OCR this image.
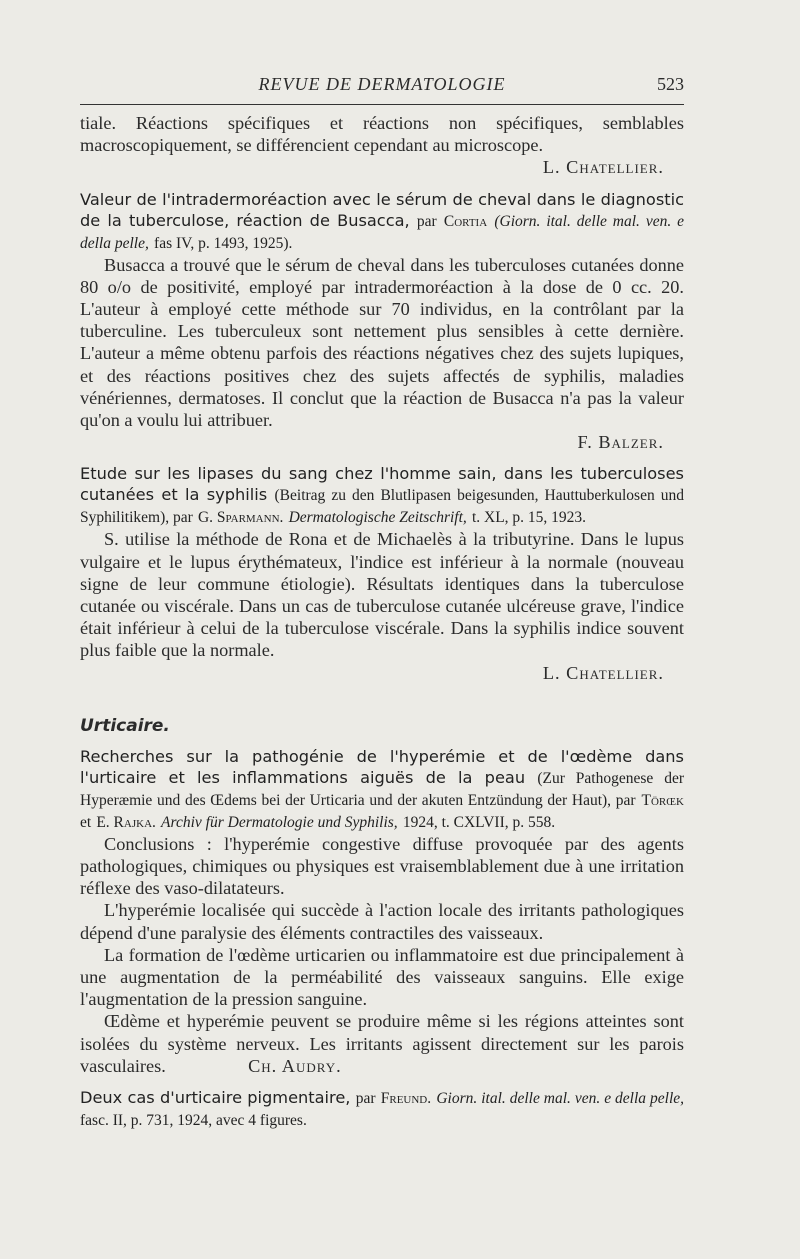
REVUE DE DERMATOLOGIE	523

tiale. Réactions spécifiques et réactions non spécifiques, semblables macroscopiquement, se différencient cependant au microscope.

L. Chatellier.

Valeur de l'intradermoréaction avec le sérum de cheval dans le diagnostic de la tuberculose, réaction de Busacca, par Cortia (Giorn. ital. delle mal. ven. e della pelle, fas IV, p. 1493, 1925).

Busacca a trouvé que le sérum de cheval dans les tuberculoses cutanées donne 80 o/o de positivité, employé par intradermoréaction à la dose de 0 cc. 20. L'auteur à employé cette méthode sur 70 individus, en la contrôlant par la tuberculine. Les tuberculeux sont nettement plus sensibles à cette dernière. L'auteur a même obtenu parfois des réactions négatives chez des sujets lupiques, et des réactions positives chez des sujets affectés de syphilis, maladies vénériennes, dermatoses. Il conclut que la réaction de Busacca n'a pas la valeur qu'on a voulu lui attribuer.

F. Balzer.

Etude sur les lipases du sang chez l'homme sain, dans les tuberculoses cutanées et la syphilis (Beitrag zu den Blutlipasen beigesunden, Hauttuberkulosen und Syphilitikem), par G. Sparmann. Dermatologische Zeitschrift, t. XL, p. 15, 1923.

S. utilise la méthode de Rona et de Michaelès à la tributyrine. Dans le lupus vulgaire et le lupus érythémateux, l'indice est inférieur à la normale (nouveau signe de leur commune étiologie). Résultats identiques dans la tuberculose cutanée ou viscérale. Dans un cas de tuberculose cutanée ulcéreuse grave, l'indice était inférieur à celui de la tuberculose viscérale. Dans la syphilis indice souvent plus faible que la normale.

L. Chatellier.

Urticaire.
Recherches sur la pathogénie de l'hyperémie et de l'œdème dans l'urticaire et les inflammations aiguës de la peau (Zur Pathogenese der Hyperæmie und des Œdems bei der Urticaria und der akuten Entzündung der Haut), par Törœk et E. Rajka. Archiv für Dermatologie und Syphilis, 1924, t. CXLVII, p. 558.

Conclusions : l'hyperémie congestive diffuse provoquée par des agents pathologiques, chimiques ou physiques est vraisemblablement due à une irritation réflexe des vaso-dilatateurs.

L'hyperémie localisée qui succède à l'action locale des irritants pathologiques dépend d'une paralysie des éléments contractiles des vaisseaux.

La formation de l'œdème urticarien ou inflammatoire est due principalement à une augmentation de la perméabilité des vaisseaux sanguins. Elle exige l'augmentation de la pression sanguine.

Œdème et hyperémie peuvent se produire même si les régions atteintes sont isolées du système nerveux. Les irritants agissent directement sur les parois vasculaires.	Ch. Audry.

Deux cas d'urticaire pigmentaire, par Freund. Giorn. ital. delle mal. ven. e della pelle, fasc. II, p. 731, 1924, avec 4 figures.
